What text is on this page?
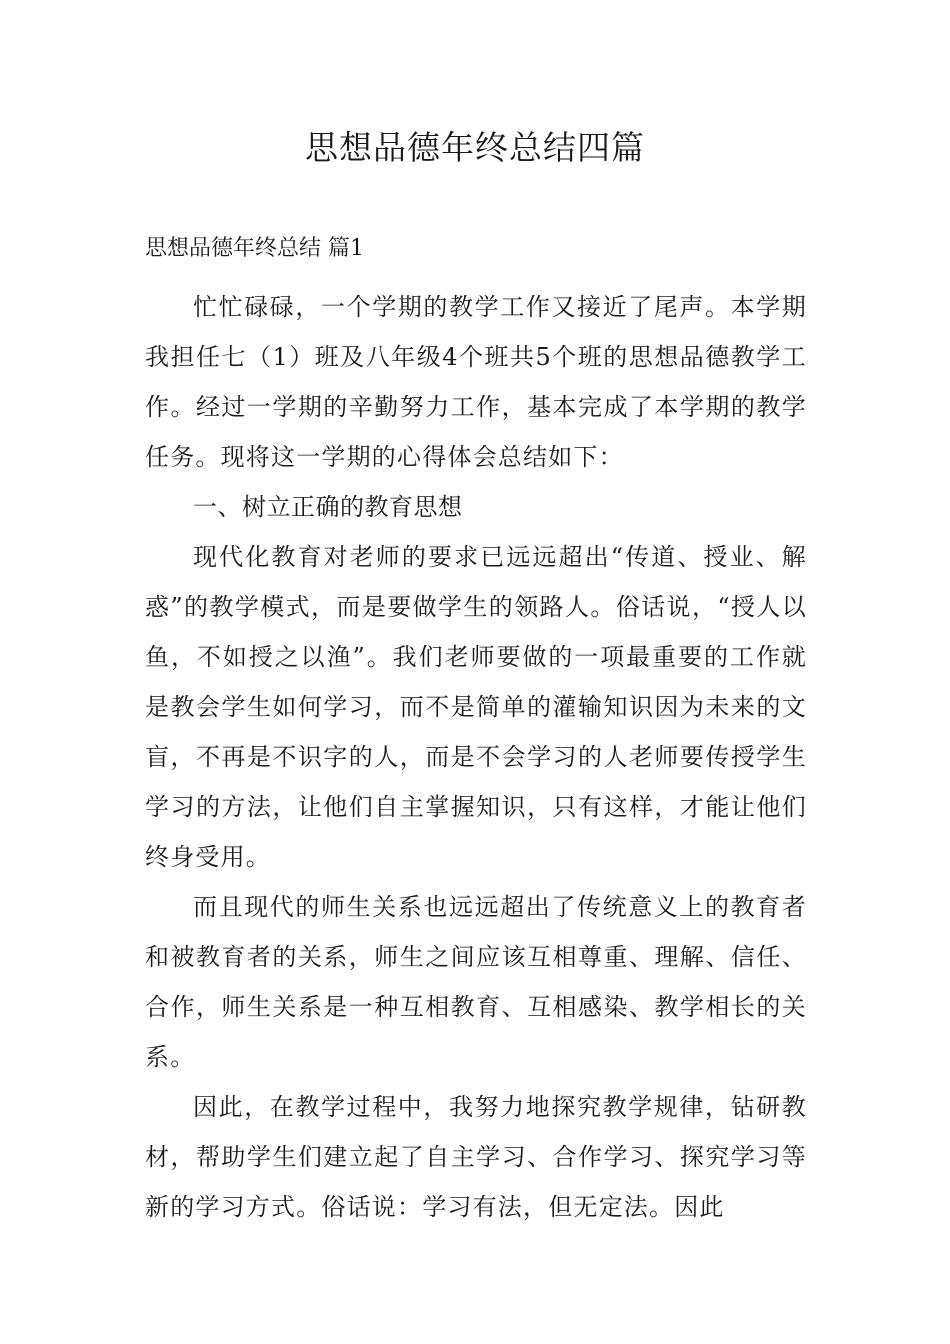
思想品德年终总结四篇

思想品德年终总结 篇1

忙忙碌碌，一个学期的教学工作又接近了尾声。本学期我担任七（1）班及八年级4个班共5个班的思想品德教学工作。经过一学期的辛勤努力工作，基本完成了本学期的教学任务。现将这一学期的心得体会总结如下：

一、树立正确的教育思想

现代化教育对老师的要求已远远超出“传道、授业、解惑”的教学模式，而是要做学生的领路人。俗话说，“授人以鱼，不如授之以渔”。我们老师要做的一项最重要的工作就是教会学生如何学习，而不是简单的灌输知识因为未来的文盲，不再是不识字的人，而是不会学习的人老师要传授学生学习的方法，让他们自主掌握知识，只有这样，才能让他们终身受用。

而且现代的师生关系也远远超出了传统意义上的教育者和被教育者的关系，师生之间应该互相尊重、理解、信任、合作，师生关系是一种互相教育、互相感染、教学相长的关系。

因此，在教学过程中，我努力地探究教学规律，钻研教材，帮助学生们建立起了自主学习、合作学习、探究学习等新的学习方式。俗话说：学习有法，但无定法。因此
